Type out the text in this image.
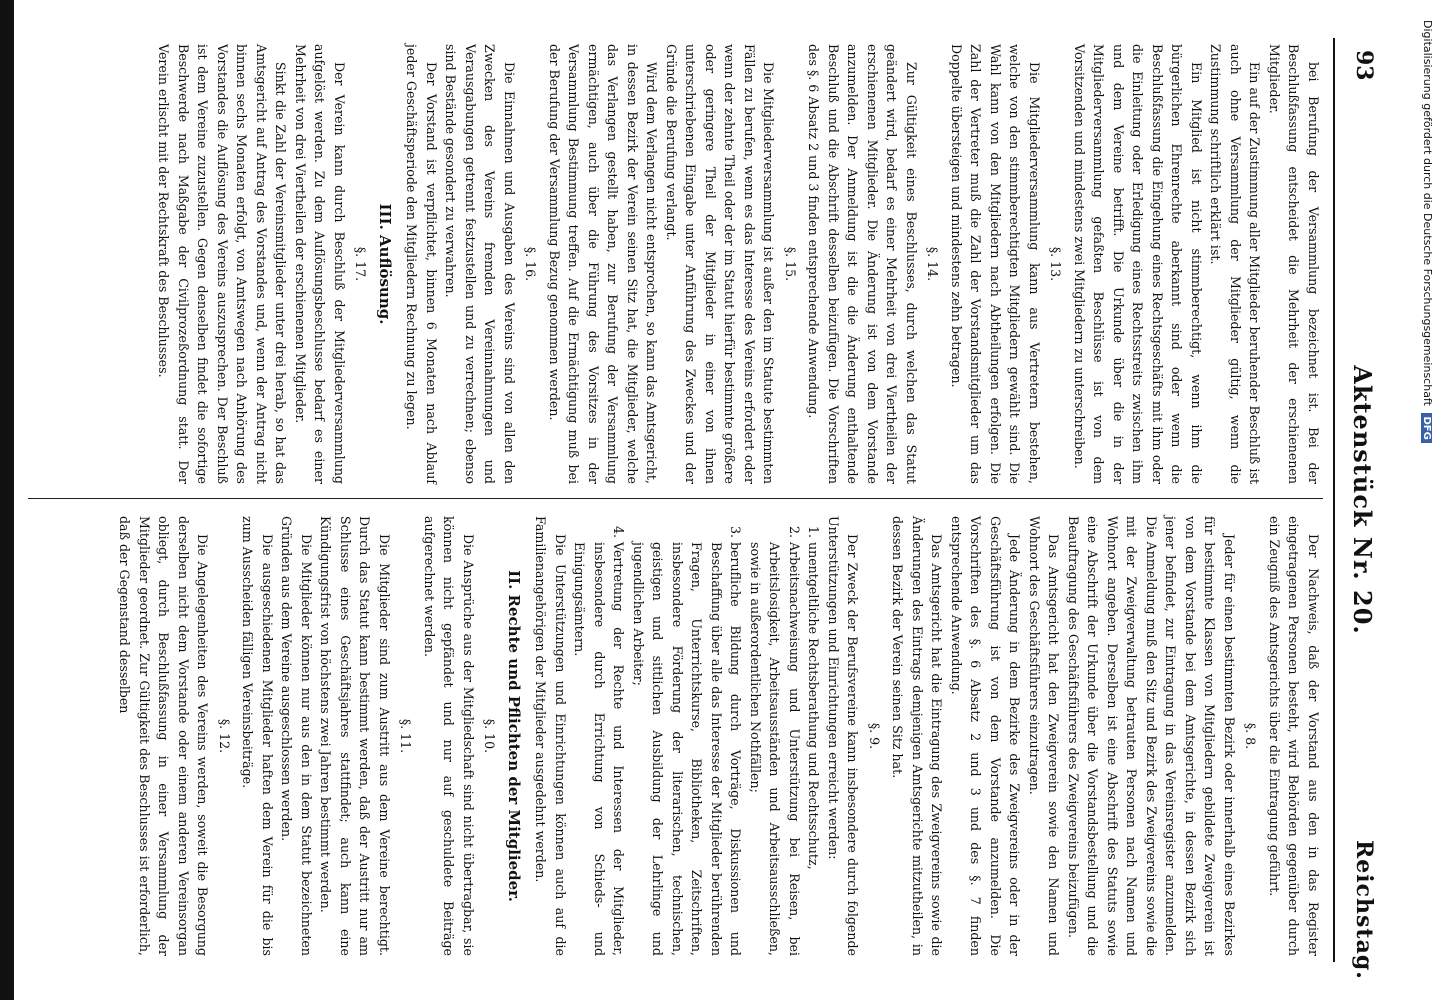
93
Aktenstück Nr. 20.
Reichstag.

bei Berufung der Versammlung bezeichnet ist. Bei der Beschlußfassung entscheidet die Mehrheit der erschienenen Mitglieder.

Ein auf der Zustimmung aller Mitglieder beruhender Beschluß ist auch ohne Versammlung der Mitglieder gültig, wenn die Zustimmung schriftlich erklärt ist.

Ein Mitglied ist nicht stimmberechtigt, wenn ihm die bürgerlichen Ehrenrechte aberkannt sind oder wenn die Beschlußfassung die Eingehung eines Rechtsgeschäfts mit ihm oder die Einleitung oder Erledigung eines Rechtsstreits zwischen ihm und dem Vereine betrifft. Die Urkunde über die in der Mitgliederversammlung gefaßten Beschlüsse ist von dem Vorsitzenden und mindestens zwei Mitgliedern zu unterschreiben.

§. 13.

Die Mitgliederversammlung kann aus Vertretern bestehen, welche von den stimmberechtigten Mitgliedern gewählt sind. Die Wahl kann von den Mitgliedern nach Abtheilungen erfolgen. Die Zahl der Vertreter muß die Zahl der Vorstandsmitglieder um das Doppelte übersteigen und mindestens zehn betragen.

§. 14.

Zur Gültigkeit eines Beschlusses, durch welchen das Statut geändert wird, bedarf es einer Mehrheit von drei Viertheilen der erschienenen Mitglieder. Die Änderung ist von dem Vorstande anzumelden. Der Anmeldung ist die die Änderung enthaltende Beschluß und die Abschrift desselben beizufügen. Die Vorschriften des §. 6 Absatz 2 und 3 finden entsprechende Anwendung.

§. 15.

Die Mitgliederversammlung ist außer den im Statute bestimmten Fällen zu berufen, wenn es das Interesse des Vereins erfordert oder wenn der zehnte Theil oder der im Statut hierfür bestimmte größere oder geringere Theil der Mitglieder in einer von ihnen unterschriebenen Eingabe unter Anführung des Zweckes und der Gründe die Berufung verlangt.

Wird dem Verlangen nicht entsprochen, so kann das Amtsgericht, in dessen Bezirk der Verein seinen Sitz hat, die Mitglieder, welche das Verlangen gestellt haben, zur Berufung der Versammlung ermächtigen, auch über die Führung des Vorsitzes in der Versammlung Bestimmung treffen. Auf die Ermächtigung muß bei der Berufung der Versammlung Bezug genommen werden.

§. 16.

Die Einnahmen und Ausgaben des Vereins sind von allen den Zwecken des Vereins fremden Vereinnahmungen und Verausgabungen getrennt festzustellen und zu verrechnen; ebenso sind Bestände gesondert zu verwahren.

Der Vorstand ist verpflichtet, binnen 6 Monaten nach Ablauf jeder Geschäftsperiode den Mitgliedern Rechnung zu legen.

III. Auflösung.

§. 17.

Der Verein kann durch Beschluß der Mitgliederversammlung aufgelöst werden. Zu dem Auflösungsbeschlusse bedarf es einer Mehrheit von drei Viertheilen der erschienenen Mitglieder.

Sinkt die Zahl der Vereinsmitglieder unter drei herab, so hat das Amtsgericht auf Antrag des Vorstandes und, wenn der Antrag nicht binnen sechs Monaten erfolgt, von Amtswegen nach Anhörung des Vorstandes die Auflösung des Vereins auszusprechen. Der Beschluß ist dem Vereine zuzustellen. Gegen denselben findet die sofortige Beschwerde nach Maßgabe der Civilprozeßordnung statt. Der Verein erlischt mit der Rechtskraft des Beschlusses.

Der Nachweis, daß der Vorstand aus den in das Register eingetragenen Personen besteht, wird Behörden gegenüber durch ein Zeugniß des Amtsgerichts über die Eintragung geführt.

§. 8.

Jeder für einen bestimmten Bezirk oder innerhalb eines Bezirkes für bestimmte Klassen von Mitgliedern gebildete Zweigverein ist von dem Vorstande bei dem Amtsgerichte, in dessen Bezirk sich jener befindet, zur Eintragung in das Vereinsregister anzumelden. Die Anmeldung muß den Sitz und Bezirk des Zweigvereins sowie die mit der Zweigverwaltung betrauten Personen nach Namen und Wohnort angeben. Derselben ist eine Abschrift des Statuts sowie eine Abschrift der Urkunde über die Vorstandsbestellung und die Beauftragung des Geschäftsführers des Zweigvereins beizufügen.

Das Amtsgericht hat den Zweigverein sowie den Namen und Wohnort des Geschäftsführers einzutragen.

Jede Änderung in dem Bezirke des Zweigvereins oder in der Geschäftsführung ist von dem Vorstande anzumelden. Die Vorschriften des §. 6 Absatz 2 und 3 und des §. 7 finden entsprechende Anwendung.

Das Amtsgericht hat die Eintragung des Zweigvereins sowie die Änderungen des Eintrags demjenigen Amtsgerichte mitzutheilen, in dessen Bezirk der Verein seinen Sitz hat.

§. 9.

Der Zweck der Berufsvereine kann insbesondere durch folgende Unterstützungen und Einrichtungen erreicht werden:

1. unentgeltliche Rechtsberathung und Rechtsschutz,
2. Arbeitsnachweisung und Unterstützung bei Reisen, bei Arbeitslosigkeit, Arbeitsausständen und Arbeitsausschließen, sowie in außerordentlichen Nothfällen;
3. berufliche Bildung durch Vorträge, Diskussionen und Beschaffung über alle das Interesse der Mitglieder berührenden Fragen, Unterrichtskurse, Bibliotheken, Zeitschriften, insbesondere Förderung der literarischen, technischen, geistigen und sittlichen Ausbildung der Lehrlinge und jugendlichen Arbeiter;
4. Vertretung der Rechte und Interessen der Mitglieder, insbesondere durch Errichtung von Schieds- und Einigungsämtern.

Die Unterstützungen und Einrichtungen können auch auf die Familienangehörigen der Mitglieder ausgedehnt werden.

II. Rechte und Pflichten der Mitglieder.

§. 10.

Die Ansprüche aus der Mitgliedschaft sind nicht übertragbar, sie können nicht gepfändet und nur auf geschuldete Beiträge aufgerechnet werden.

§. 11.

Die Mitglieder sind zum Austritt aus dem Vereine berechtigt. Durch das Statut kann bestimmt werden, daß der Austritt nur am Schlusse eines Geschäftsjahres stattfindet; auch kann eine Kündigungsfrist von höchstens zwei Jahren bestimmt werden.

Die Mitglieder können nur aus den in dem Statut bezeichneten Gründen aus dem Vereine ausgeschlossen werden.

Die ausgeschiedenen Mitglieder haften dem Verein für die bis zum Ausscheiden fälligen Vereinsbeiträge.

§. 12.

Die Angelegenheiten des Vereins werden, soweit die Besorgung derselben nicht dem Vorstande oder einem anderen Vereinsorgan obliegt, durch Beschlußfassung in einer Versammlung der Mitglieder geordnet. Zur Gültigkeit des Beschlusses ist erforderlich, daß der Gegenstand desselben

Digitalisierung gefördert durch die Deutsche Forschungsgemeinschaft DFG
